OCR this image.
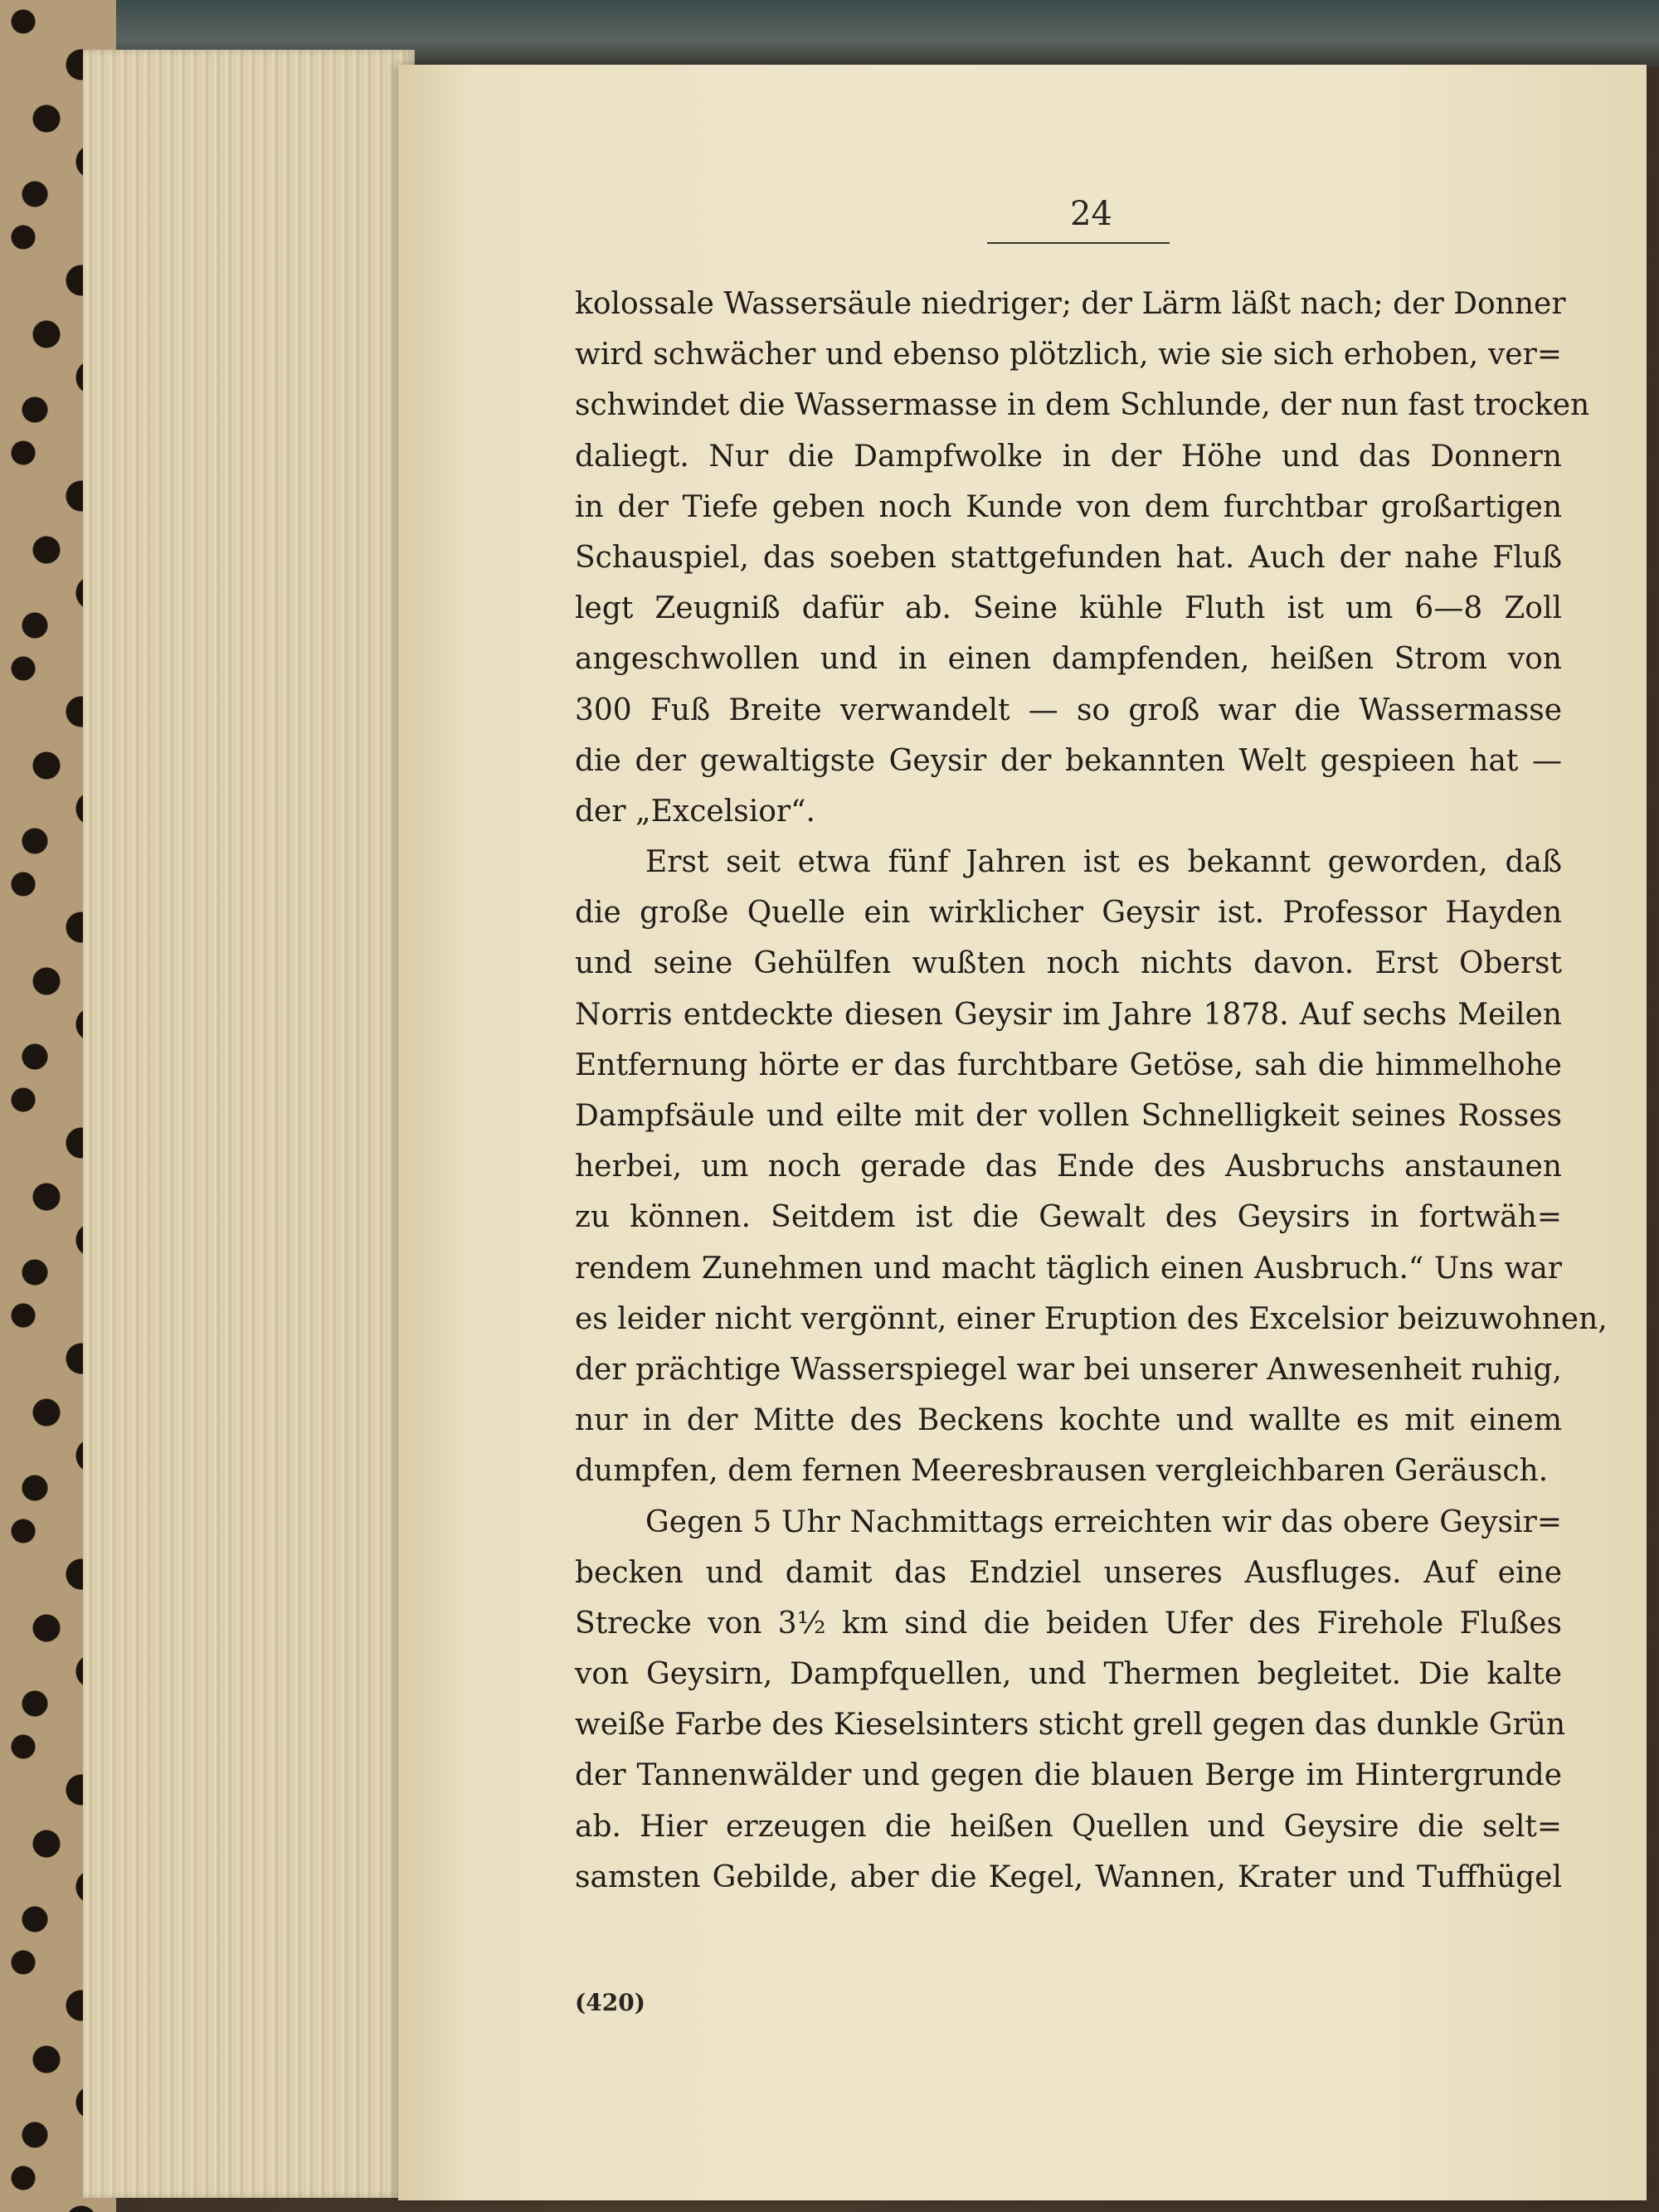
24
kolossale Wassersäule niedriger; der Lärm läßt nach; der Donner
wird schwächer und ebenso plötzlich, wie sie sich erhoben, ver=
schwindet die Wassermasse in dem Schlunde, der nun fast trocken
daliegt. Nur die Dampfwolke in der Höhe und das Donnern
in der Tiefe geben noch Kunde von dem furchtbar großartigen
Schauspiel, das soeben stattgefunden hat. Auch der nahe Fluß
legt Zeugniß dafür ab. Seine kühle Fluth ist um 6—8 Zoll
angeschwollen und in einen dampfenden, heißen Strom von
300 Fuß Breite verwandelt — so groß war die Wassermasse
die der gewaltigste Geysir der bekannten Welt gespieen hat —
der „Excelsior“.
Erst seit etwa fünf Jahren ist es bekannt geworden, daß
die große Quelle ein wirklicher Geysir ist. Professor Hayden
und seine Gehülfen wußten noch nichts davon. Erst Oberst
Norris entdeckte diesen Geysir im Jahre 1878. Auf sechs Meilen
Entfernung hörte er das furchtbare Getöse, sah die himmelhohe
Dampfsäule und eilte mit der vollen Schnelligkeit seines Rosses
herbei, um noch gerade das Ende des Ausbruchs anstaunen
zu können. Seitdem ist die Gewalt des Geysirs in fortwäh=
rendem Zunehmen und macht täglich einen Ausbruch.“ Uns war
es leider nicht vergönnt, einer Eruption des Excelsior beizuwohnen,
der prächtige Wasserspiegel war bei unserer Anwesenheit ruhig,
nur in der Mitte des Beckens kochte und wallte es mit einem
dumpfen, dem fernen Meeresbrausen vergleichbaren Geräusch.
Gegen 5 Uhr Nachmittags erreichten wir das obere Geysir=
becken und damit das Endziel unseres Ausfluges. Auf eine
Strecke von 3½ km sind die beiden Ufer des Firehole Flußes
von Geysirn, Dampfquellen, und Thermen begleitet. Die kalte
weiße Farbe des Kieselsinters sticht grell gegen das dunkle Grün
der Tannenwälder und gegen die blauen Berge im Hintergrunde
ab. Hier erzeugen die heißen Quellen und Geysire die selt=
samsten Gebilde, aber die Kegel, Wannen, Krater und Tuffhügel
(420)
